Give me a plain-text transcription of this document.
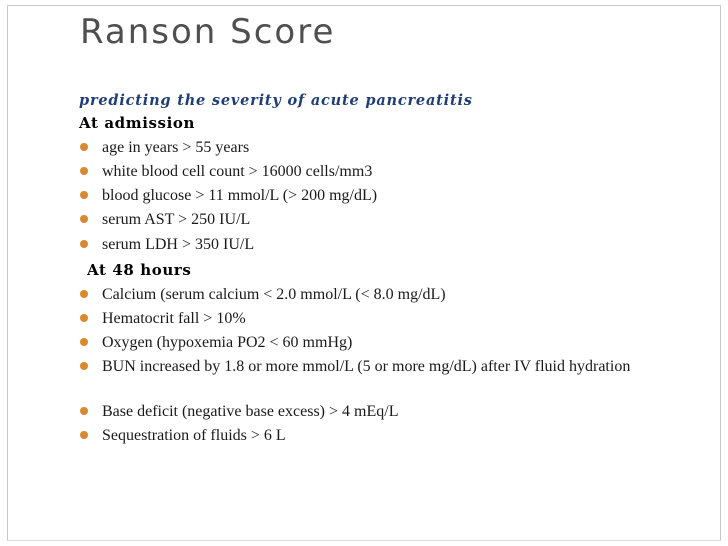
Ranson Score
predicting the severity of acute pancreatitis
At admission
age in years > 55 years
white blood cell count > 16000 cells/mm3
blood glucose > 11 mmol/L (> 200 mg/dL)
serum AST > 250 IU/L
serum LDH > 350 IU/L
At 48 hours
Calcium (serum calcium < 2.0 mmol/L (< 8.0 mg/dL)
Hematocrit fall > 10%
Oxygen (hypoxemia PO2 < 60 mmHg)
BUN increased by 1.8 or more mmol/L (5 or more mg/dL) after IV fluid hydration
Base deficit (negative base excess) > 4 mEq/L
Sequestration of fluids > 6 L
